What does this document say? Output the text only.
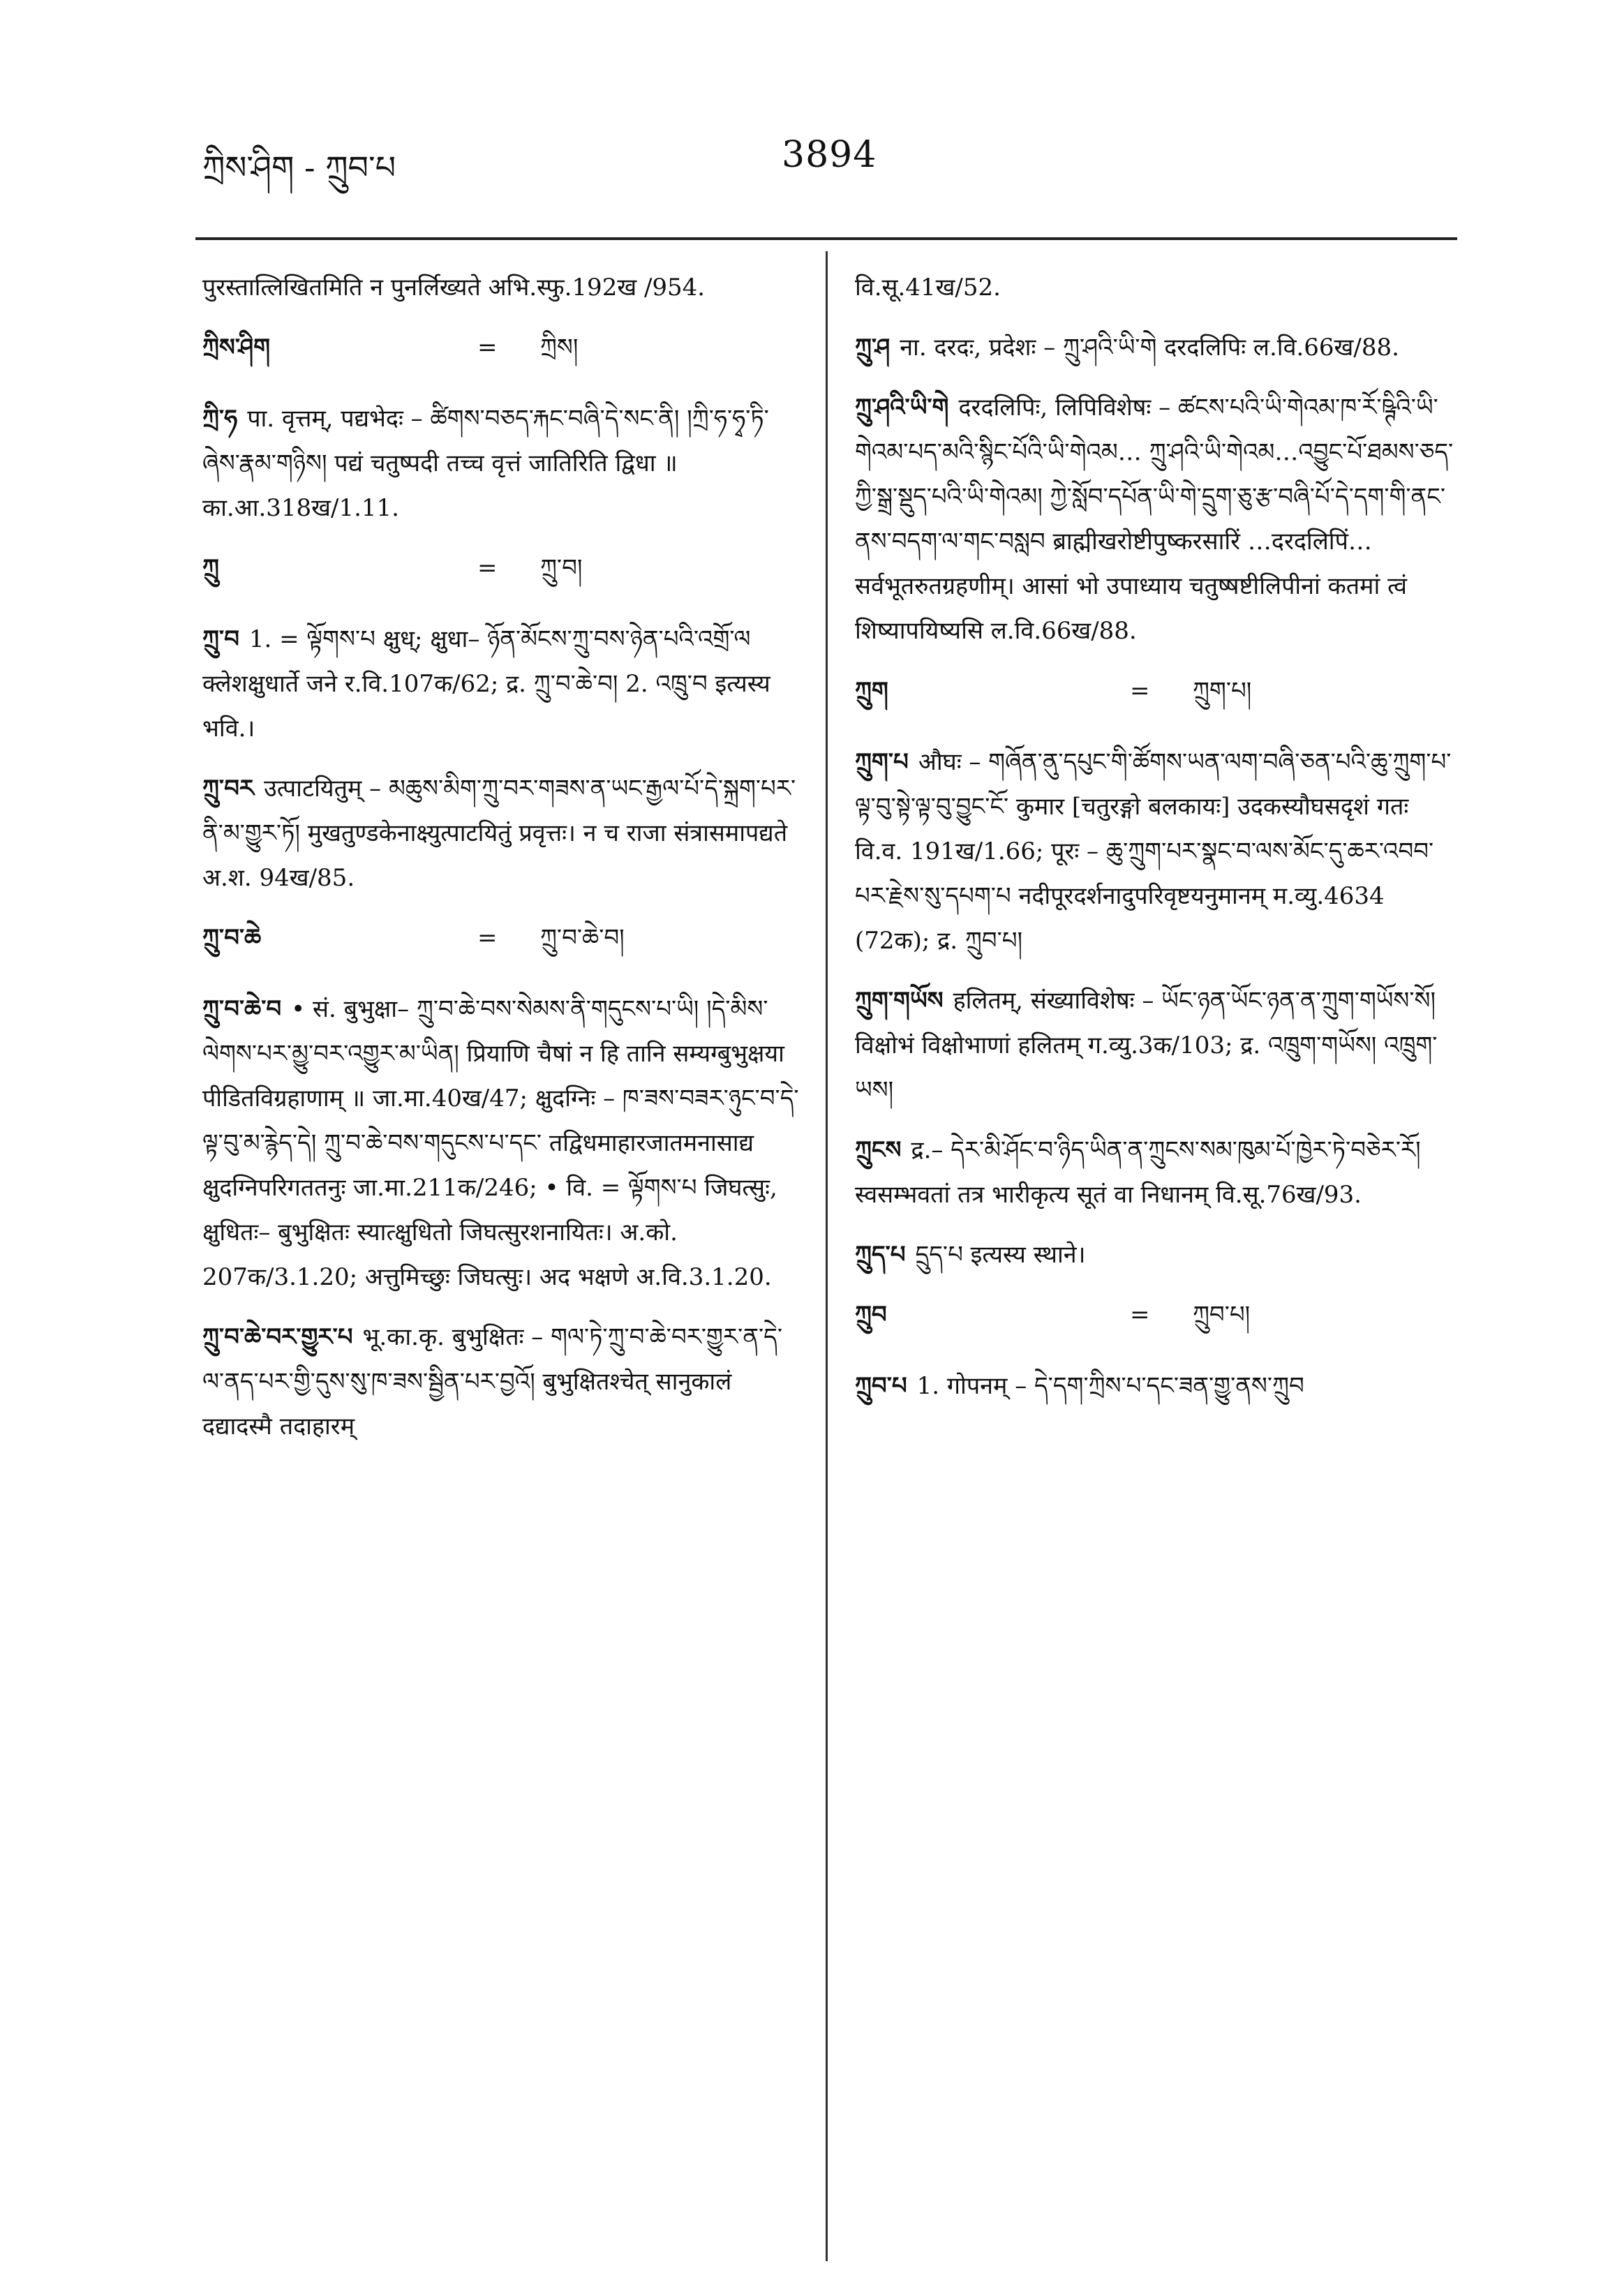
ཀྲིས་ཤིག - ཀྲུབ་པ	3894
पुरस्तात्लिखितमिति न पुनर्लिख्यते अभि.स्फु.192ख /954.
ཀྲིས་ཤིག	=	ཀྲིས།
ཀྲི་ཧ पा. वृत्तम्, पद्यभेदः – ཚིགས་བཅད་རྐང་བཞི་དེ་སང་ནི། །ཀྲི་ཧ་ཧྭ་ཏི་ཞེས་རྣམ་གཉིས། पद्यं चतुष्पदी तच्च वृत्तं जातिरिति द्विधा ॥ का.आ.318ख/1.11.
ཀྲུ	=	ཀྲུ་བ།
ཀྲུ་བ 1. = ལྟོགས་པ क्षुध्; क्षुधा– ཉོན་མོངས་ཀྲུ་བས་ཉེན་པའི་འགྲོ་ལ क्लेशक्षुधार्ते जने र.वि.107क/62; द्र. ཀྲུ་བ་ཆེ་བ། 2. འཁྲུ་བ इत्यस्य भवि.।
ཀྲུ་བར उत्पाटयितुम् – མཆུས་མིག་ཀྲུ་བར་གཟས་ན་ཡང་རྒྱལ་པོ་དེ་སྐྲག་པར་ནི་མ་གྱུར་ཏོ། मुखतुण्डकेनाक्ष्युत्पाटयितुं प्रवृत्तः। न च राजा संत्रासमापद्यते अ.श. 94ख/85.
ཀྲུ་བ་ཆེ	=	ཀྲུ་བ་ཆེ་བ།
ཀྲུ་བ་ཆེ་བ • सं. बुभुक्षा– ཀྲུ་བ་ཆེ་བས་སེམས་ནི་གདུངས་པ་ཡི། །དེ་མིས་ལེགས་པར་མྱུ་བར་འགྱུར་མ་ཡིན། प्रियाणि चैषां न हि तानि सम्यग्बुभुक्षया पीडितविग्रहाणाम् ॥ जा.मा.40ख/47; क्षुदग्निः – ཁ་ཟས་བཟར་ཉུང་བ་དེ་ལྟ་བུ་མ་རྙེད་དེ། ཀྲུ་བ་ཆེ་བས་གདུངས་པ་དང་ तद्विधमाहारजातमनासाद्य क्षुदग्निपरिगततनुः जा.मा.211क/246; • वि. = ལྟོགས་པ जिघत्सुः, क्षुधितः– बुभुक्षितः स्यात्क्षुधितो जिघत्सुरशनायितः। अ.को. 207क/3.1.20; अत्तुमिच्छुः जिघत्सुः। अद भक्षणे अ.वि.3.1.20.
ཀྲུ་བ་ཆེ་བར་གྱུར་པ भू.का.कृ. बुभुक्षितः – གལ་ཏེ་ཀྲུ་བ་ཆེ་བར་གྱུར་ན་དེ་ལ་ནད་པར་གྱི་དུས་སུ་ཁ་ཟས་སྦྱིན་པར་བྱའོ། बुभुक्षितश्चेत् सानुकालं दद्यादस्मै तदाहारम्
वि.सू.41ख/52.
ཀྲུ་ཤ ना. दरदः, प्रदेशः – ཀྲུ་ཤའི་ཡི་གེ दरदलिपिः ल.वि.66ख/88.
ཀྲུ་ཤའི་ཡི་གེ दरदलिपिः, लिपिविशेषः – ཚངས་པའི་ཡི་གེའམ་ཁ་རོ་ཥྚིའི་ཡི་གེའམ་པད་མའི་སྙིང་པོའི་ཡི་གེའམ… ཀྲུ་ཤའི་ཡི་གེའམ…འབྱུང་པོ་ཐམས་ཅད་ཀྱི་སྒྲ་སྡུད་པའི་ཡི་གེའམ། ཀྱེ་སློབ་དཔོན་ཡི་གེ་དྲུག་ཅུ་རྩ་བཞི་པོ་དེ་དག་གི་ནང་ནས་བདག་ལ་གང་བསླབ ब्राह्मीखरोष्टीपुष्करसारिं …दरदलिपिं…सर्वभूतरुतग्रहणीम्। आसां भो उपाध्याय चतुष्षष्टीलिपीनां कतमां त्वं शिष्यापयिष्यसि ल.वि.66ख/88.
ཀྲུག	=	ཀྲུག་པ།
ཀྲུག་པ औघः – གཞོན་ནུ་དཔུང་གི་ཚོགས་ཡན་ལག་བཞི་ཅན་པའི་ཆུ་ཀྲུག་པ་ལྟ་བུ་སྟེ་ལྟ་བུ་བྱུང་ངོ་ कुमार [चतुरङ्गो बलकायः] उदकस्यौघसदृशं गतः वि.व. 191ख/1.66; पूरः – ཆུ་ཀྲུག་པར་སྣང་བ་ལས་མོང་དུ་ཆར་འབབ་པར་རྗེས་སུ་དཔག་པ नदीपूरदर्शनादुपरिवृष्टयनुमानम् म.व्यु.4634 (72क); द्र. ཀྲུབ་པ།
ཀྲུག་གཡོས हलितम्, संख्याविशेषः – ཡོང་ཉན་ཡོང་ཉན་ན་ཀྲུག་གཡོས་སོ། विक्षोभं विक्षोभाणां हलितम् ग.व्यु.3क/103; द्र. འཁྲུག་གཡོས། འཁྲུག་ཡས།
ཀྲུངས द्र.– དེར་མི་ཤོང་བ་ཉིད་ཡིན་ན་ཀྲུངས་སམ་ཁུམ་པོ་ཁྱེར་ཏེ་བཅེར་རོ། स्वसम्भवतां तत्र भारीकृत्य सूतं वा निधानम् वि.सू.76ख/93.
ཀྲུད་པ དྲུད་པ इत्यस्य स्थाने।
ཀྲུབ	=	ཀྲུབ་པ།
ཀྲུབ་པ 1. गोपनम् – དེ་དག་ཀྲིས་པ་དང་ཟན་གྱུ་ནས་ཀྲུབ
